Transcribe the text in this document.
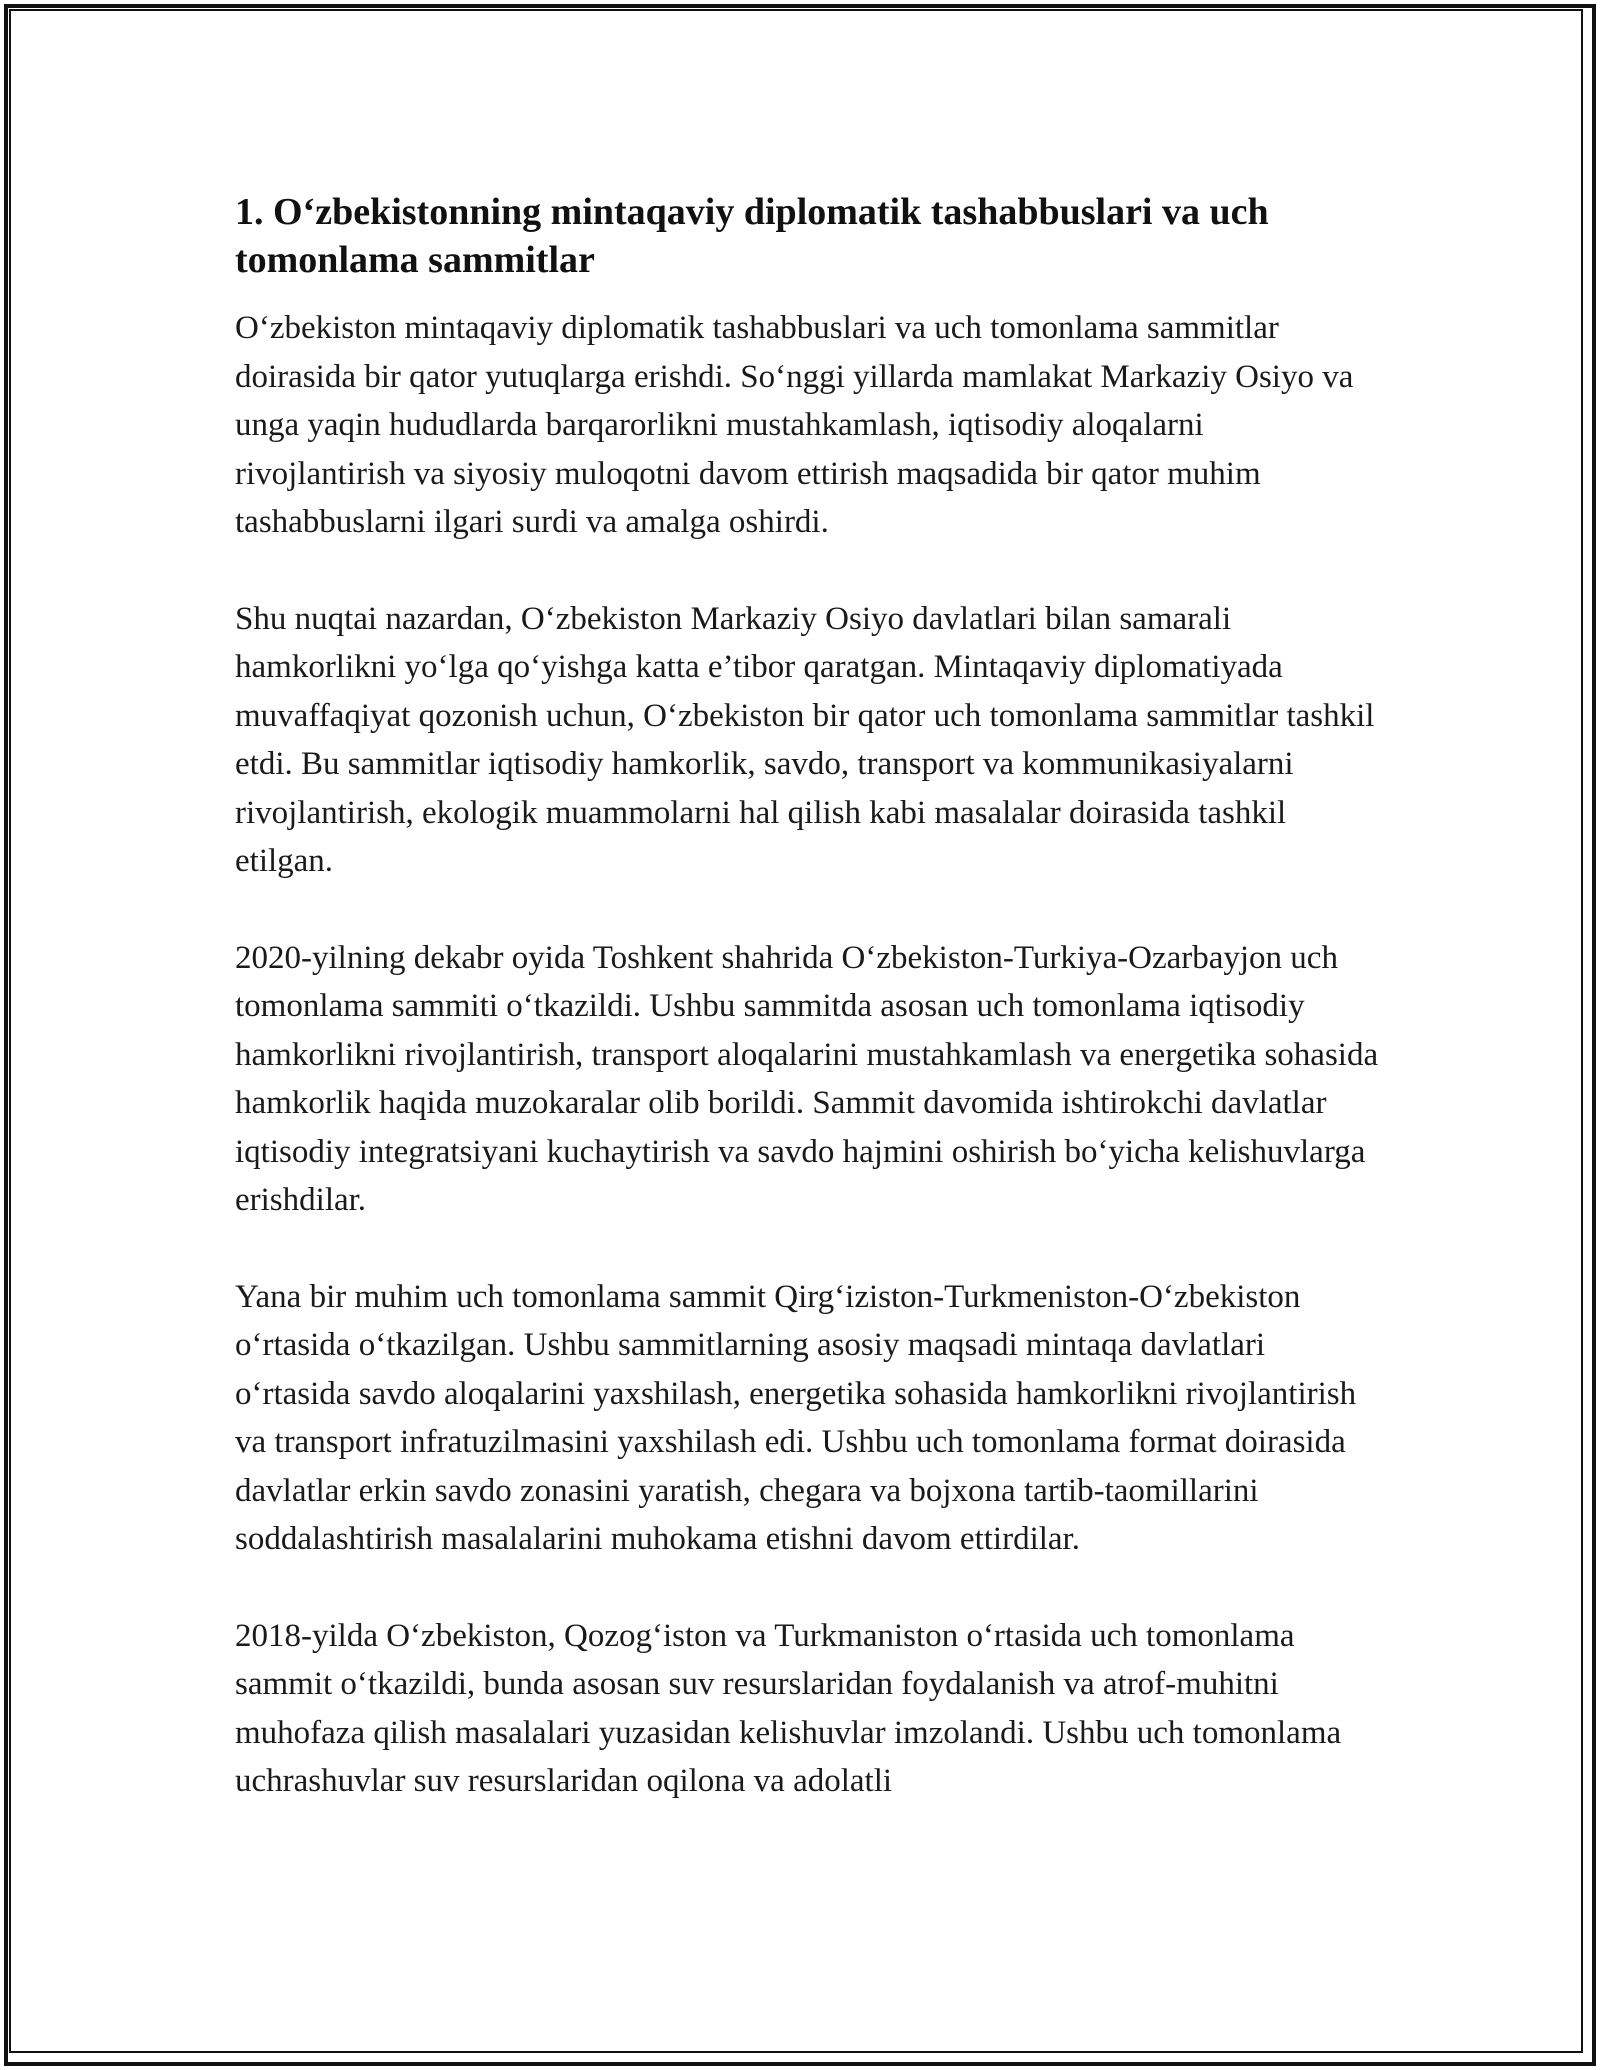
1. O‘zbekistonning mintaqaviy diplomatik tashabbuslari va uch tomonlama sammitlar

O‘zbekiston mintaqaviy diplomatik tashabbuslari va uch tomonlama sammitlar doirasida bir qator yutuqlarga erishdi. So‘nggi yillarda mamlakat Markaziy Osiyo va unga yaqin hududlarda barqarorlikni mustahkamlash, iqtisodiy aloqalarni rivojlantirish va siyosiy muloqotni davom ettirish maqsadida bir qator muhim tashabbuslarni ilgari surdi va amalga oshirdi.

Shu nuqtai nazardan, O‘zbekiston Markaziy Osiyo davlatlari bilan samarali hamkorlikni yo‘lga qo‘yishga katta e’tibor qaratgan. Mintaqaviy diplomatiyada muvaffaqiyat qozonish uchun, O‘zbekiston bir qator uch tomonlama sammitlar tashkil etdi. Bu sammitlar iqtisodiy hamkorlik, savdo, transport va kommunikasiyalarni rivojlantirish, ekologik muammolarni hal qilish kabi masalalar doirasida tashkil etilgan.

2020-yilning dekabr oyida Toshkent shahrida O‘zbekiston-Turkiya-Ozarbayjon uch tomonlama sammiti o‘tkazildi. Ushbu sammitda asosan uch tomonlama iqtisodiy hamkorlikni rivojlantirish, transport aloqalarini mustahkamlash va energetika sohasida hamkorlik haqida muzokaralar olib borildi. Sammit davomida ishtirokchi davlatlar iqtisodiy integratsiyani kuchaytirish va savdo hajmini oshirish bo‘yicha kelishuvlarga erishdilar.

Yana bir muhim uch tomonlama sammit Qirg‘iziston-Turkmeniston-O‘zbekiston o‘rtasida o‘tkazilgan. Ushbu sammitlarning asosiy maqsadi mintaqa davlatlari o‘rtasida savdo aloqalarini yaxshilash, energetika sohasida hamkorlikni rivojlantirish va transport infratuzilmasini yaxshilash edi. Ushbu uch tomonlama format doirasida davlatlar erkin savdo zonasini yaratish, chegara va bojxona tartib-taomillarini soddalashtirish masalalarini muhokama etishni davom ettirdilar.

2018-yilda O‘zbekiston, Qozog‘iston va Turkmaniston o‘rtasida uch tomonlama sammit o‘tkazildi, bunda asosan suv resurslaridan foydalanish va atrof-muhitni muhofaza qilish masalalari yuzasidan kelishuvlar imzolandi. Ushbu uch tomonlama uchrashuvlar suv resurslaridan oqilona va adolatli
